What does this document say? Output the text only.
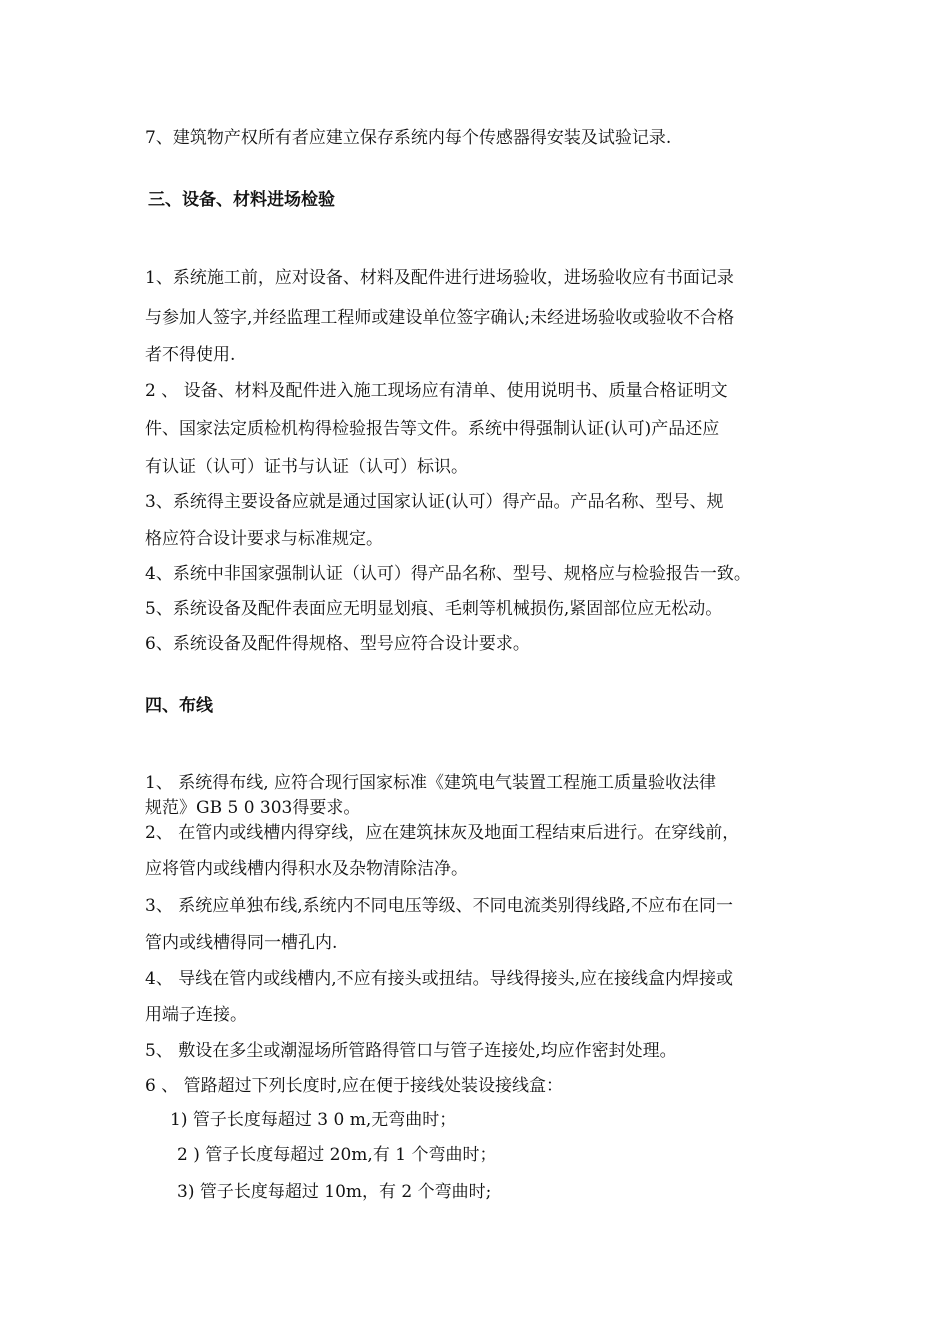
7、建筑物产权所有者应建立保存系统内每个传感器得安装及试验记录.
三、设备、材料进场检验
1、系统施工前，应对设备、材料及配件进行进场验收，进场验收应有书面记录
与参加人签字,并经监理工程师或建设单位签字确认;未经进场验收或验收不合格
者不得使用.
2 、 设备、材料及配件进入施工现场应有清单、使用说明书、质量合格证明文
件、国家法定质检机构得检验报告等文件。系统中得强制认证(认可)产品还应
有认证（认可）证书与认证（认可）标识。
3、系统得主要设备应就是通过国家认证(认可）得产品。产品名称、型号、规
格应符合设计要求与标准规定。
4、系统中非国家强制认证（认可）得产品名称、型号、规格应与检验报告一致。
5、系统设备及配件表面应无明显划痕、毛刺等机械损伤,紧固部位应无松动。
6、系统设备及配件得规格、型号应符合设计要求。
四、布线
1、 系统得布线, 应符合现行国家标准《建筑电气装置工程施工质量验收法律
规范》GB 5 0 303得要求。
2、 在管内或线槽内得穿线，应在建筑抹灰及地面工程结束后进行。在穿线前，
应将管内或线槽内得积水及杂物清除洁净。
3、 系统应单独布线,系统内不同电压等级、不同电流类别得线路,不应布在同一
管内或线槽得同一槽孔内.
4、 导线在管内或线槽内,不应有接头或扭结。导线得接头,应在接线盒内焊接或
用端子连接。
5、 敷设在多尘或潮湿场所管路得管口与管子连接处,均应作密封处理。
6 、 管路超过下列长度时,应在便于接线处装设接线盒：
1) 管子长度每超过 3 0 m,无弯曲时；
2 ) 管子长度每超过 20m,有 1 个弯曲时；
3) 管子长度每超过 10m，有 2 个弯曲时;
